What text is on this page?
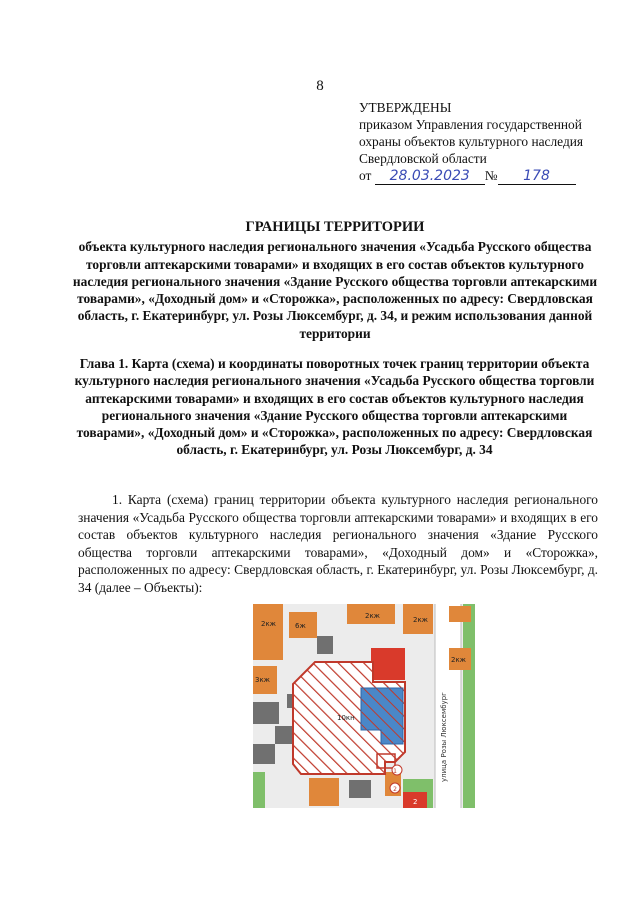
8
УТВЕРЖДЕНЫ
приказом Управления государственной
охраны объектов культурного наследия
Свердловской области
от 28.03.2023 № 178
ГРАНИЦЫ ТЕРРИТОРИИ
объекта культурного наследия регионального значения «Усадьба Русского общества торговли аптекарскими товарами» и входящих в его состав объектов культурного наследия регионального значения «Здание Русского общества торговли аптекарскими товарами», «Доходный дом» и «Сторожка», расположенных по адресу: Свердловская область, г. Екатеринбург, ул. Розы Люксембург, д. 34, и режим использования данной территории
Глава 1. Карта (схема) и координаты поворотных точек границ территории объекта культурного наследия регионального значения «Усадьба Русского общества торговли аптекарскими товарами» и входящих в его состав объектов культурного наследия регионального значения «Здание Русского общества торговли аптекарскими товарами», «Доходный дом» и «Сторожка», расположенных по адресу: Свердловская область, г. Екатеринбург, ул. Розы Люксембург, д. 34
1. Карта (схема) границ территории объекта культурного наследия регионального значения «Усадьба Русского общества торговли аптекарскими товарами» и входящих в его состав объектов культурного наследия регионального значения «Здание Русского общества торговли аптекарскими товарами», «Доходный дом» и «Сторожка», расположенных по адресу: Свердловская область, г. Екатеринбург, ул. Розы Люксембург, д. 34 (далее – Объекты):
2кж
2кж	2кж
6ж
2кж
3кж
10кн
1
2
2
улица Розы Люксембург
